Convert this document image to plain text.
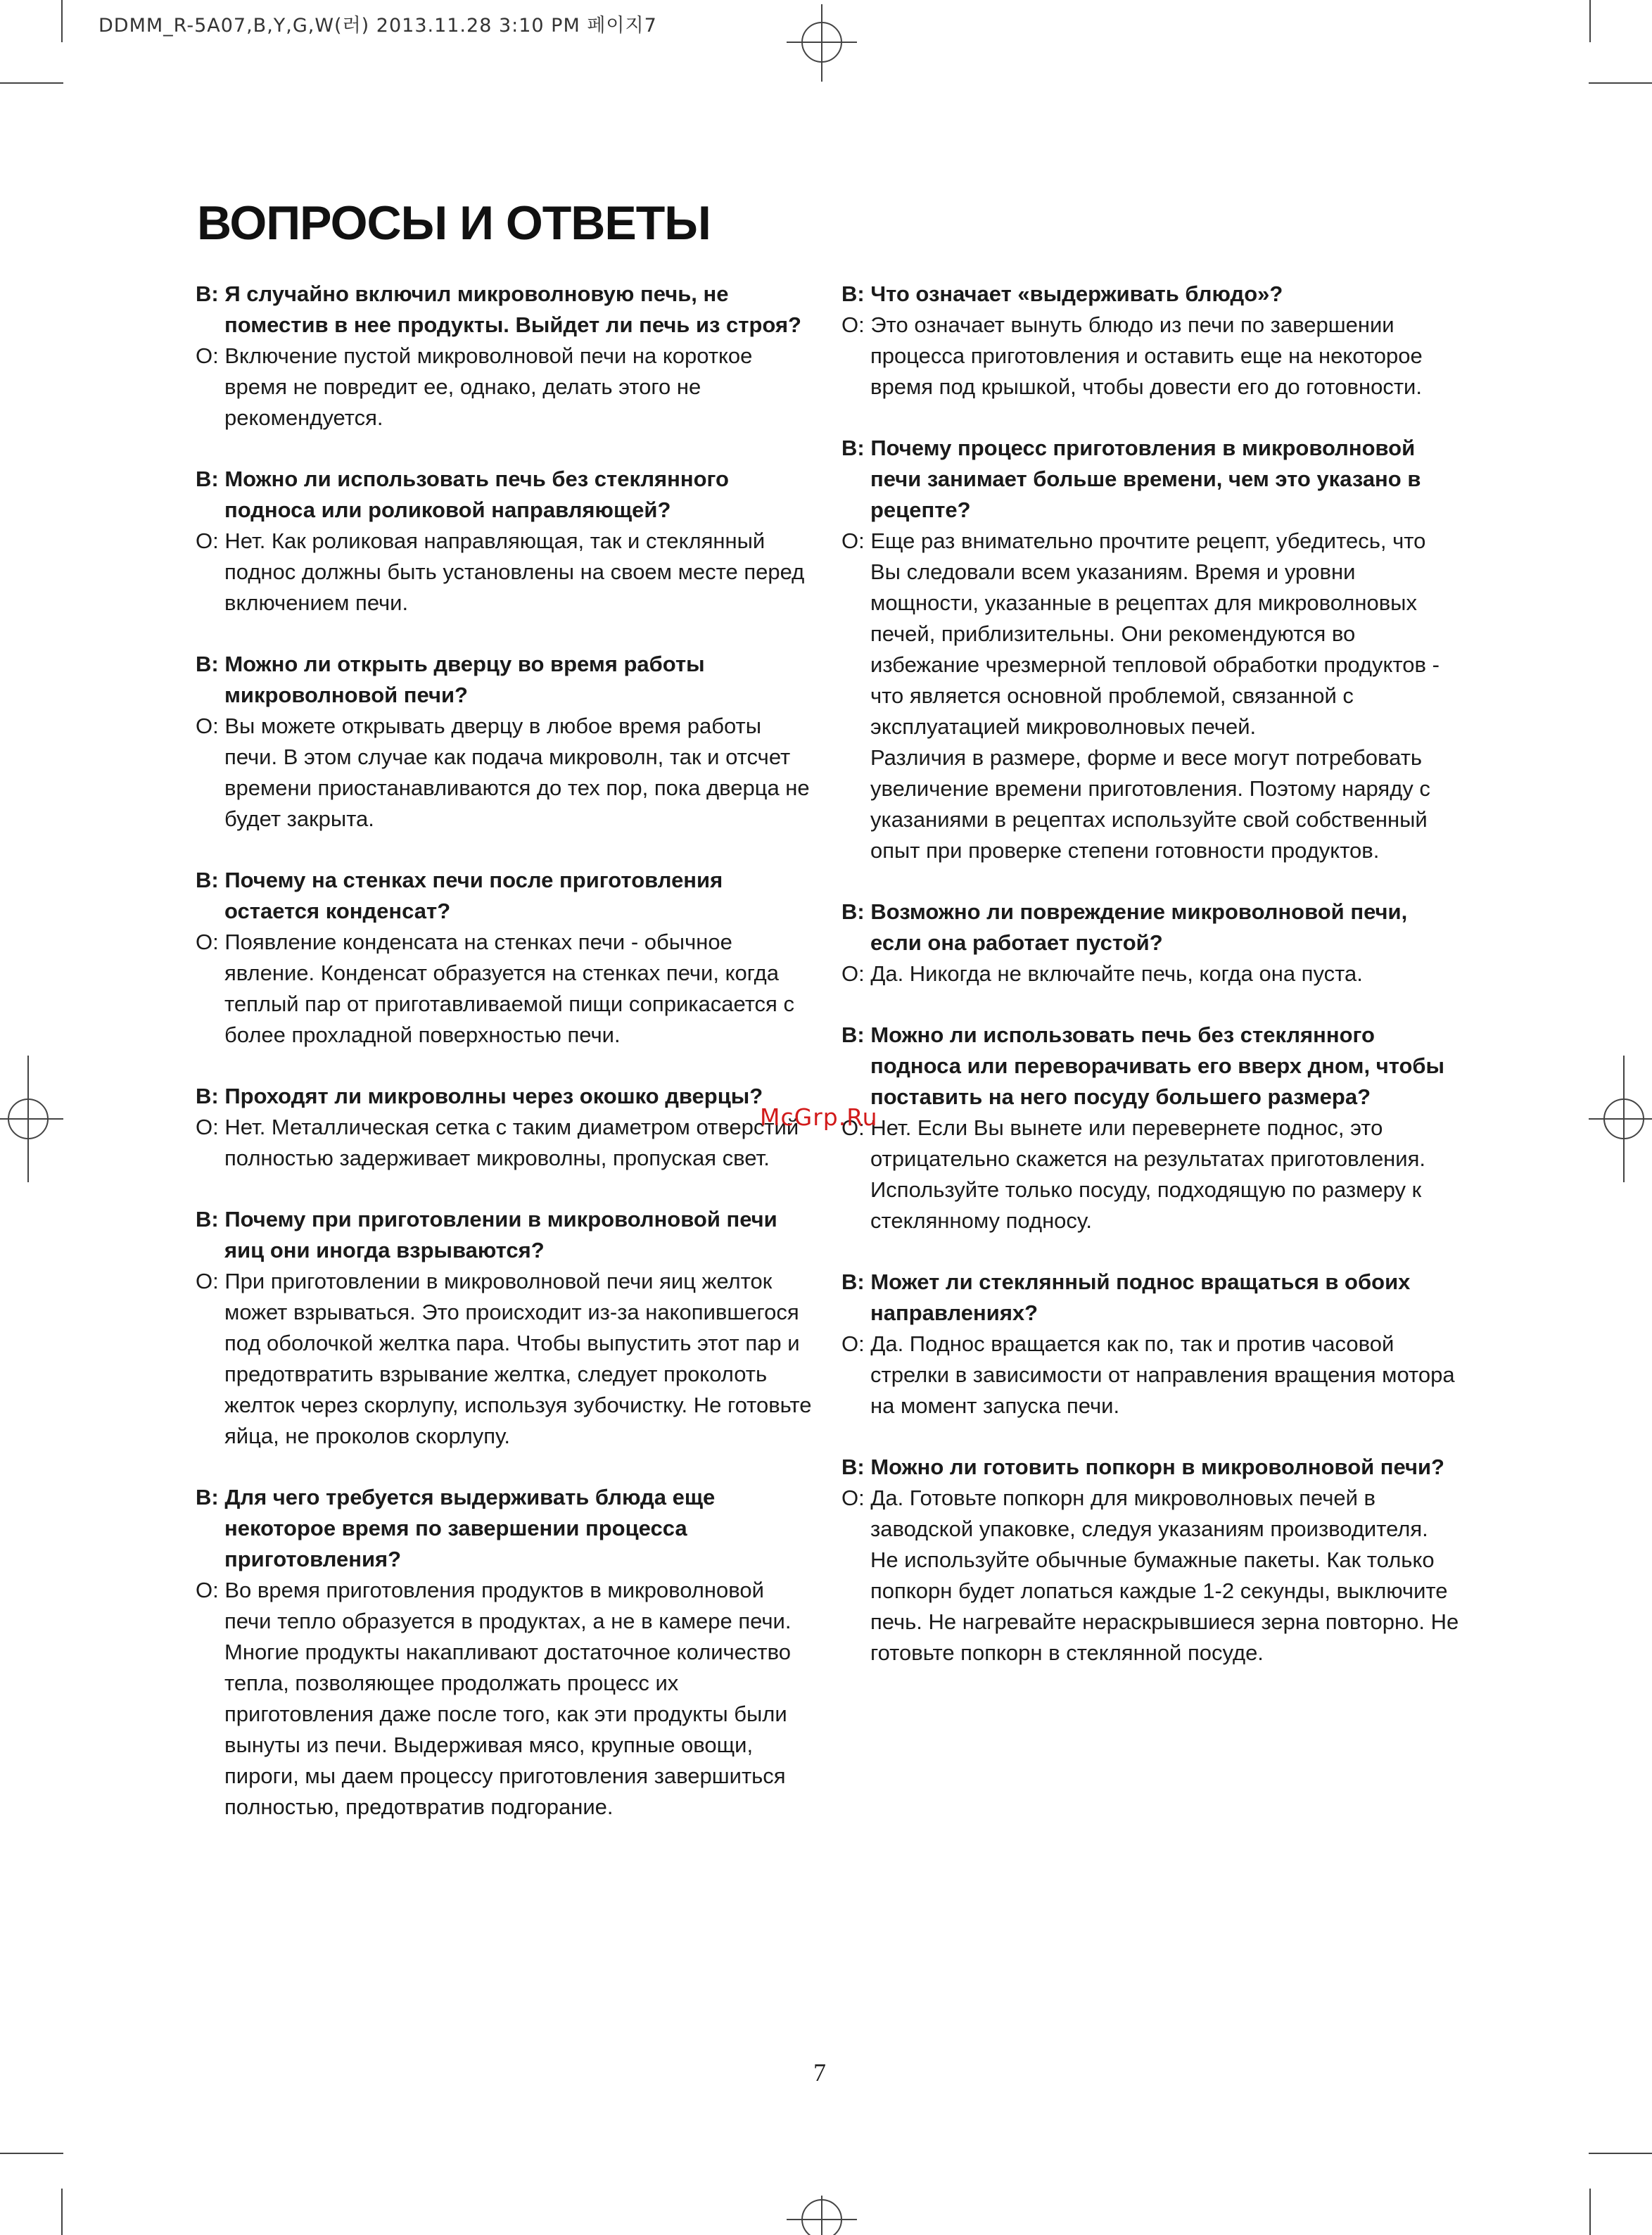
DDMM_R-5A07,B,Y,G,W(러) 2013.11.28 3:10 PM 페이지7
ВОПРОСЫ И ОТВЕТЫ

В: Я случайно включил микроволновую печь, не поместив в нее продукты. Выйдет ли печь из строя?

О: Включение пустой микроволновой печи на короткое время не повредит ее, однако, делать этого не рекомендуется.

В: Можно ли использовать печь без стеклянного подноса или роликовой направляющей?

О: Нет. Как роликовая направляющая, так и стеклянный поднос должны быть установлены на своем месте перед включением печи.

В: Можно ли открыть дверцу во время работы микроволновой печи?

О: Вы можете открывать дверцу в любое время работы печи. В этом случае как подача микроволн, так и отсчет времени приостанавливаются до тех пор, пока дверца не будет закрыта.

В: Почему на стенках печи после приготовления остается конденсат?

О: Появление конденсата на стенках печи - обычное явление. Конденсат образуется на стенках печи, когда теплый пар от приготавливаемой пищи соприкасается с более прохладной поверхностью печи.

В: Проходят ли микроволны через окошко дверцы?

О: Нет. Металлическая сетка с таким диаметром отверстий полностью задерживает микроволны, пропуская свет.

В: Почему при приготовлении в микроволновой печи яиц они иногда взрываются?

О: При приготовлении в микроволновой печи яиц желток может взрываться. Это происходит из-за накопившегося под оболочкой желтка пара. Чтобы выпустить этот пар и предотвратить взрывание желтка, следует проколоть желток через скорлупу, используя зубочистку. Не готовьте яйца, не проколов скорлупу.

В: Для чего требуется выдерживать блюда еще некоторое время по завершении процесса приготовления?

О: Во время приготовления продуктов в микроволновой печи тепло образуется в продуктах, а не в камере печи. Многие продукты накапливают достаточное количество тепла, позволяющее продолжать процесс их приготовления даже после того, как эти продукты были вынуты из печи. Выдерживая мясо, крупные овощи, пироги, мы даем процессу приготовления завершиться полностью, предотвратив подгорание.

В: Что означает «выдерживать блюдо»?

О: Это означает вынуть блюдо из печи по завершении процесса приготовления и оставить еще на некоторое время под крышкой, чтобы довести его до готовности.

В: Почему процесс приготовления в микроволновой печи занимает больше времени, чем это указано в рецепте?

О: Еще раз внимательно прочтите рецепт, убедитесь, что Вы следовали всем указаниям. Время и уровни мощности, указанные в рецептах для микроволновых печей, приблизительны. Они рекомендуются во избежание чрезмерной тепловой обработки продуктов - что является основной проблемой, связанной с эксплуатацией микроволновых печей.

Различия в размере, форме и весе могут потребовать увеличение времени приготовления. Поэтому наряду с указаниями в рецептах используйте свой собственный опыт при проверке степени готовности продуктов.

В: Возможно ли повреждение микроволновой печи, если она работает пустой?

О: Да. Никогда не включайте печь, когда она пуста.

В: Можно ли использовать печь без стеклянного подноса или переворачивать его вверх дном, чтобы поставить на него посуду большего размера?

О: Нет. Если Вы вынете или перевернете поднос, это отрицательно скажется на результатах приготовления. Используйте только посуду, подходящую по размеру к стеклянному подносу.

В: Может ли стеклянный поднос вращаться в обоих направлениях?

О: Да. Поднос вращается как по, так и против часовой стрелки в зависимости от направления вращения мотора на момент запуска печи.

В: Можно ли готовить попкорн в микроволновой печи?

О: Да. Готовьте попкорн для микроволновых печей в заводской упаковке, следуя указаниям производителя. Не используйте обычные бумажные пакеты. Как только попкорн будет лопаться каждые 1-2 секунды, выключите печь. Не нагревайте нераскрывшиеся зерна повторно. Не готовьте попкорн в стеклянной посуде.

McGrp.Ru
7
